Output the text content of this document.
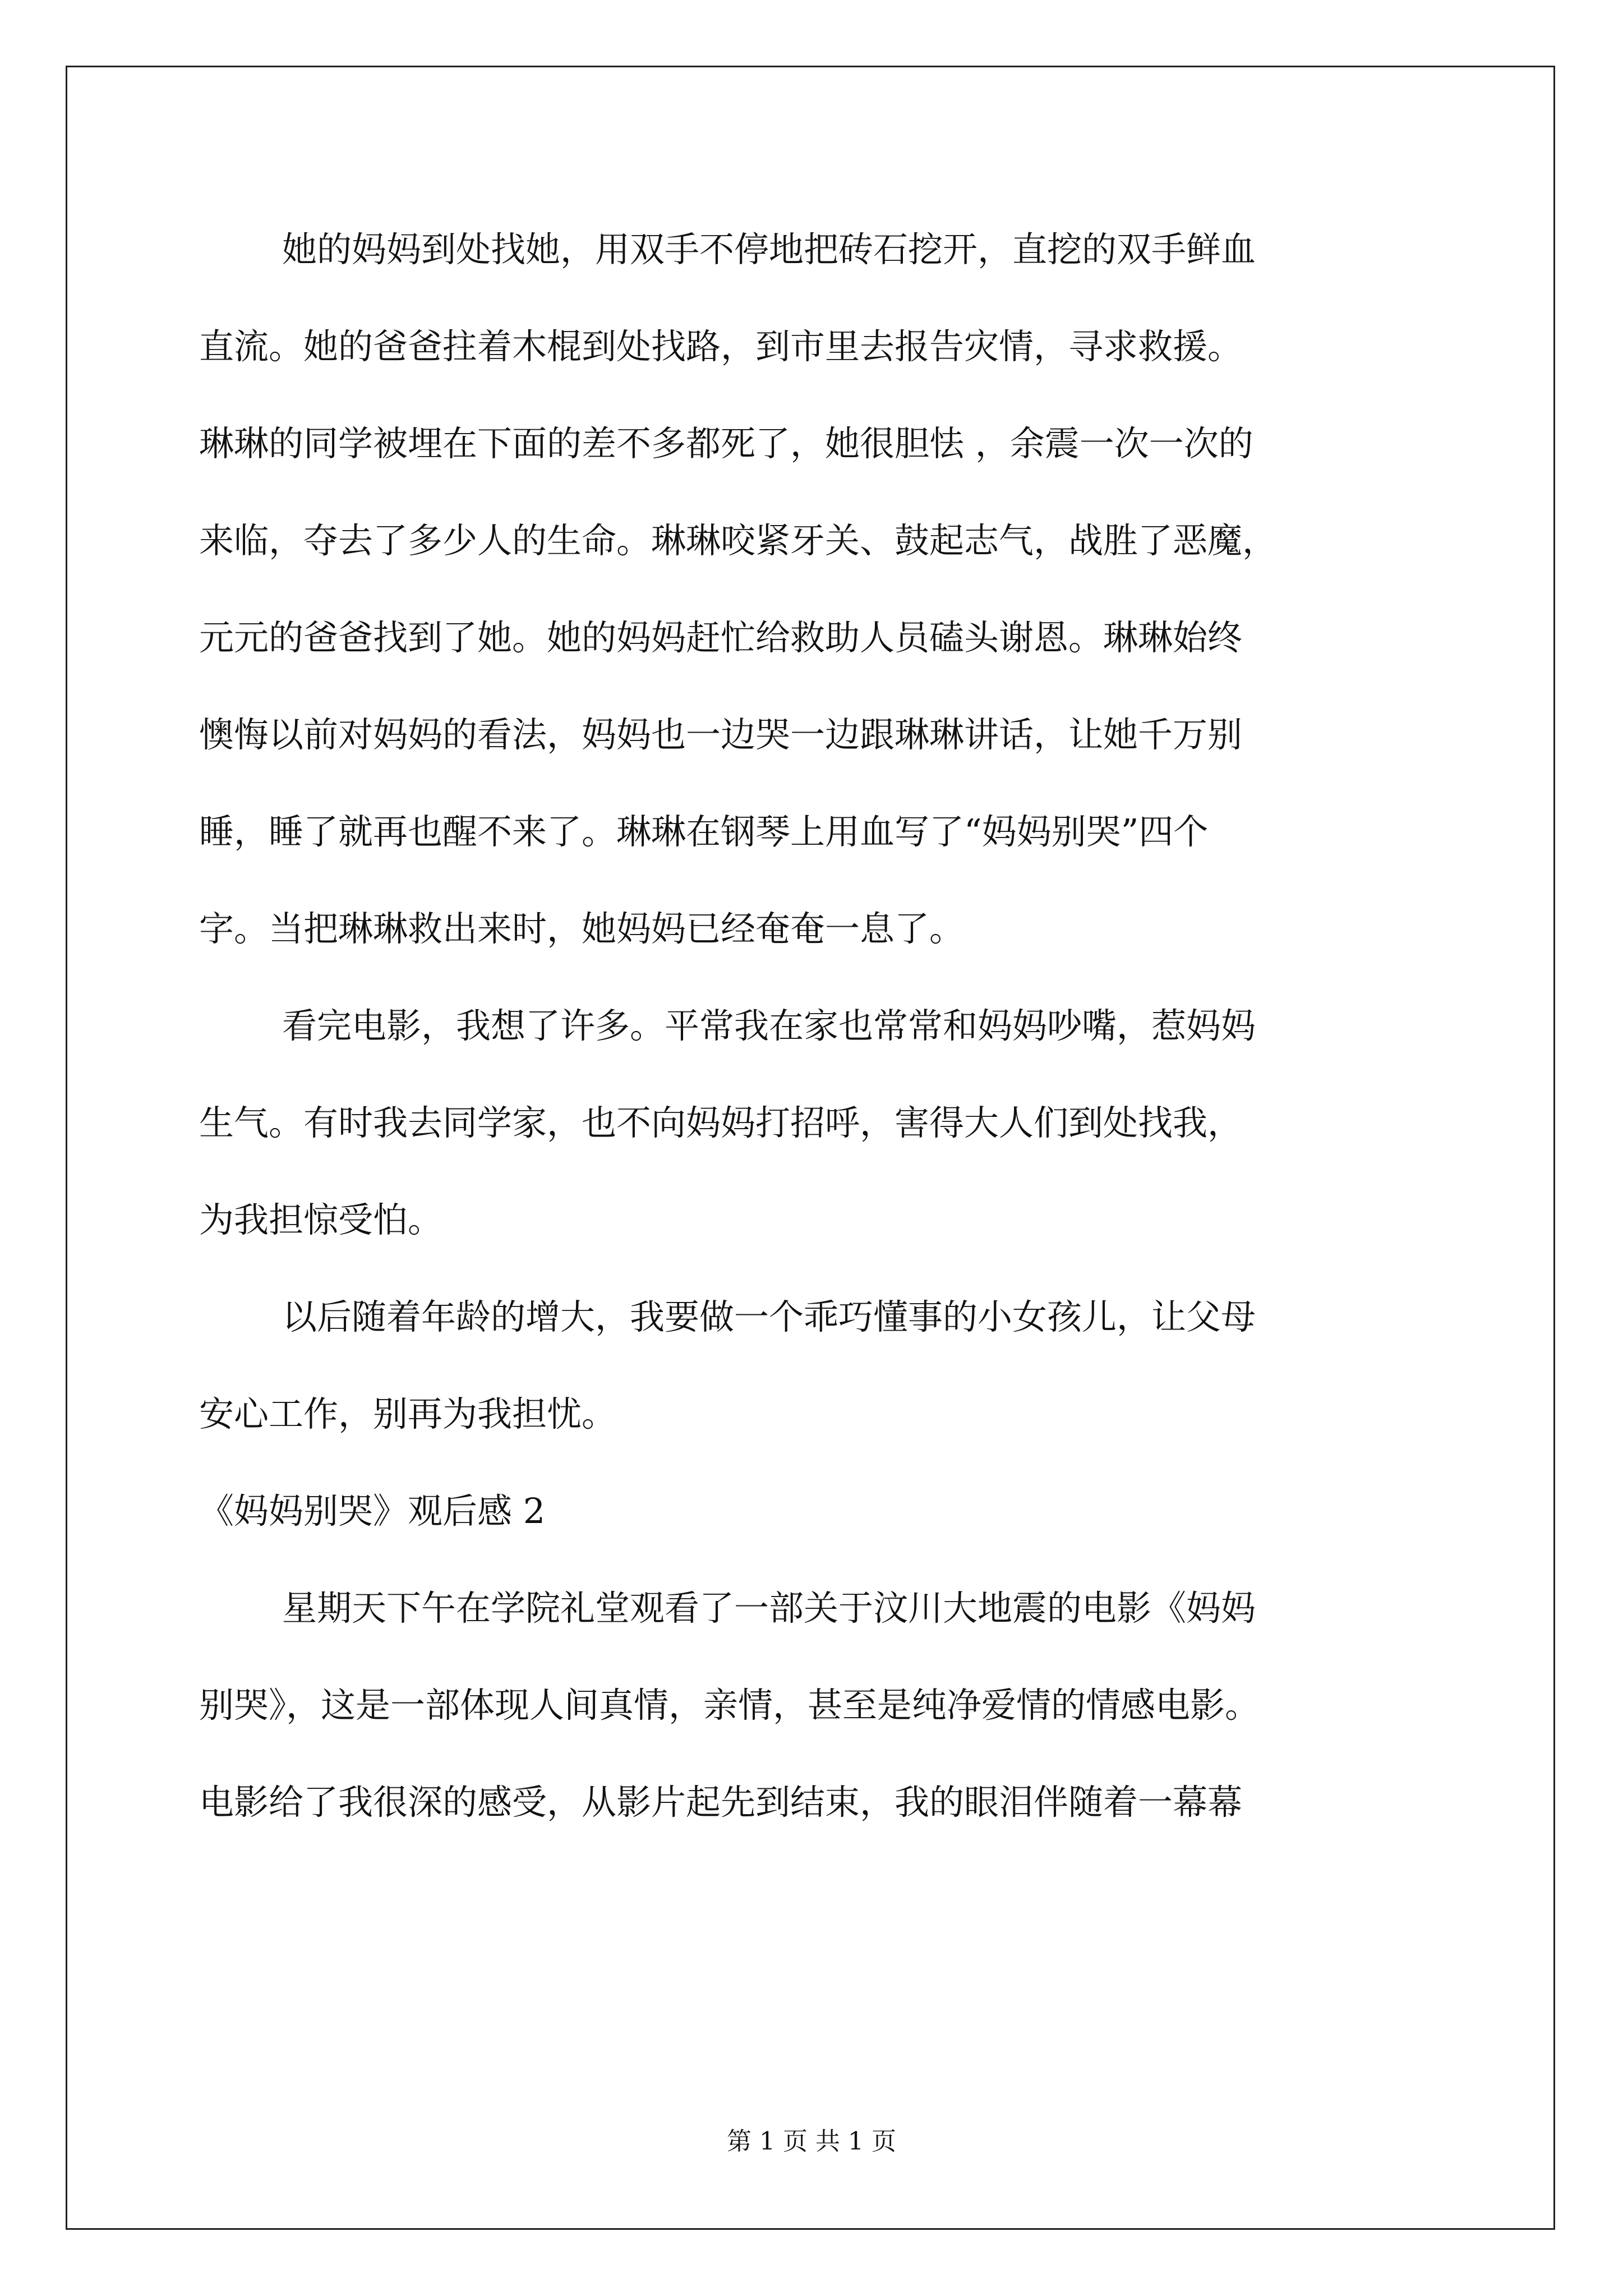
她的妈妈到处找她，用双手不停地把砖石挖开，直挖的双手鲜血
直流。她的爸爸拄着木棍到处找路，到市里去报告灾情，寻求救援。
琳琳的同学被埋在下面的差不多都死了，她很胆怯 ，余震一次一次的
来临，夺去了多少人的生命。琳琳咬紧牙关、鼓起志气，战胜了恶魔，
元元的爸爸找到了她。她的妈妈赶忙给救助人员磕头谢恩。琳琳始终
懊悔以前对妈妈的看法，妈妈也一边哭一边跟琳琳讲话，让她千万别
睡，睡了就再也醒不来了。琳琳在钢琴上用血写了“妈妈别哭”四个
字。当把琳琳救出来时，她妈妈已经奄奄一息了。
看完电影，我想了许多。平常我在家也常常和妈妈吵嘴，惹妈妈
生气。有时我去同学家，也不向妈妈打招呼，害得大人们到处找我，
为我担惊受怕。
以后随着年龄的增大，我要做一个乖巧懂事的小女孩儿，让父母
安心工作，别再为我担忧。
《妈妈别哭》观后感 2
星期天下午在学院礼堂观看了一部关于汶川大地震的电影《妈妈
别哭》，这是一部体现人间真情，亲情，甚至是纯净爱情的情感电影。
电影给了我很深的感受，从影片起先到结束，我的眼泪伴随着一幕幕
第 1 页 共 1 页
